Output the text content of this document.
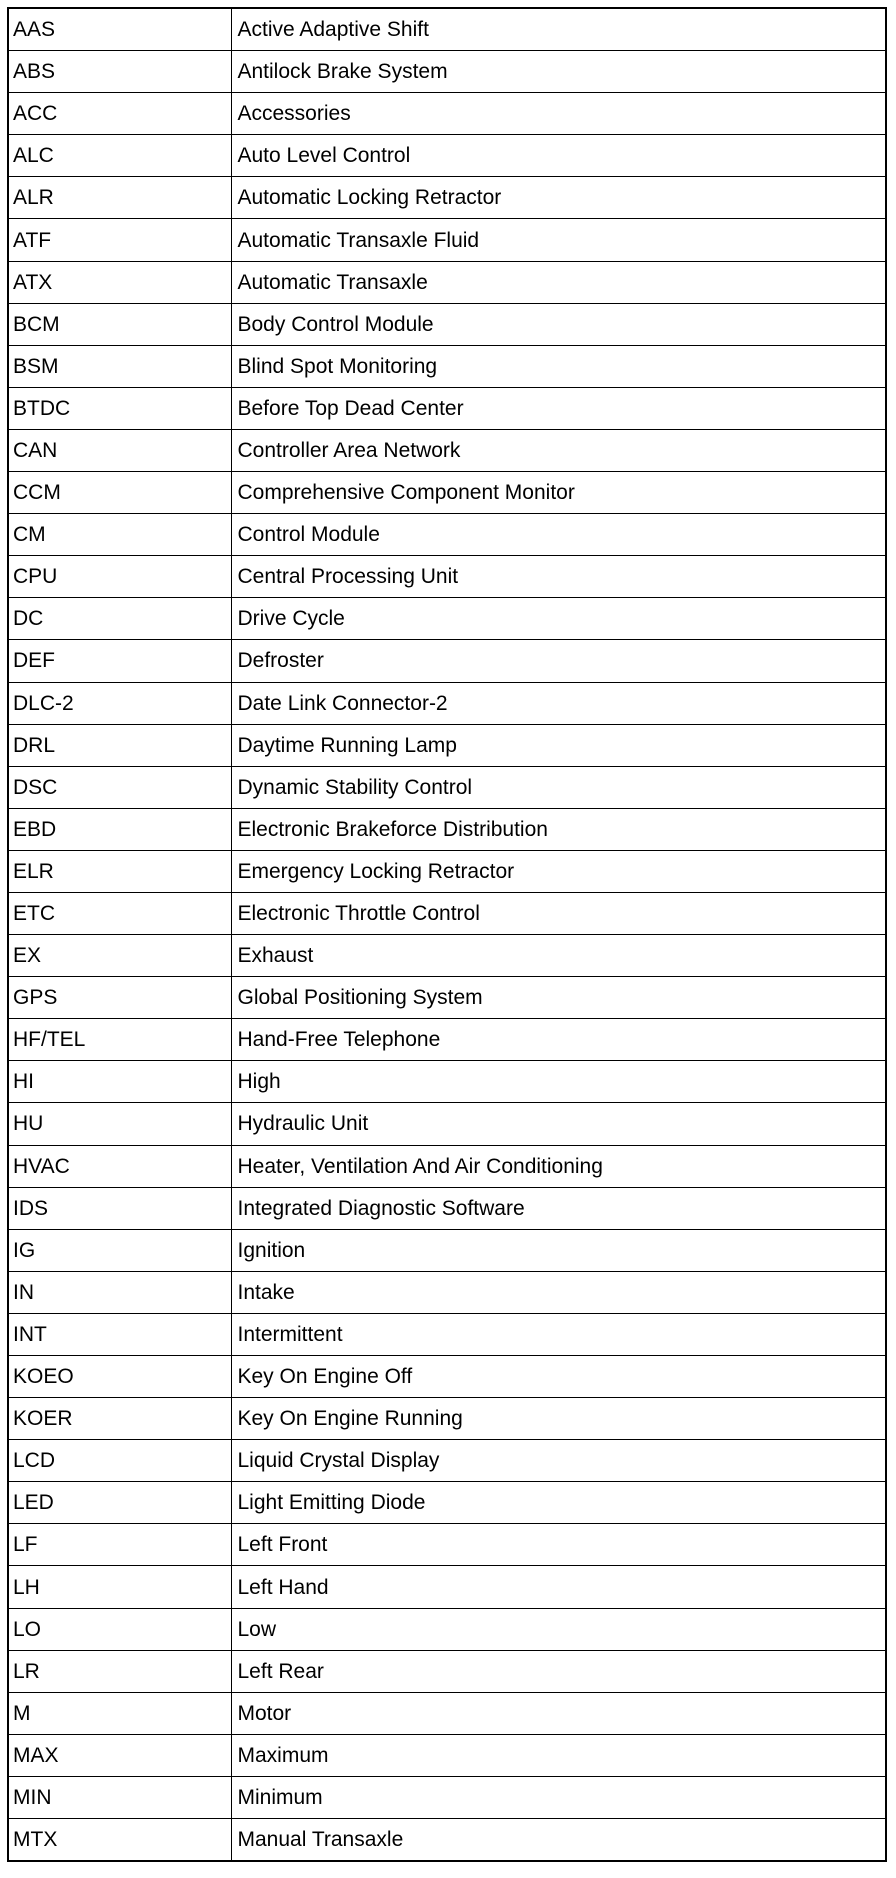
AAS	Active Adaptive Shift
ABS	Antilock Brake System
ACC	Accessories
ALC	Auto Level Control
ALR	Automatic Locking Retractor
ATF	Automatic Transaxle Fluid
ATX	Automatic Transaxle
BCM	Body Control Module
BSM	Blind Spot Monitoring
BTDC	Before Top Dead Center
CAN	Controller Area Network
CCM	Comprehensive Component Monitor
CM	Control Module
CPU	Central Processing Unit
DC	Drive Cycle
DEF	Defroster
DLC-2	Date Link Connector-2
DRL	Daytime Running Lamp
DSC	Dynamic Stability Control
EBD	Electronic Brakeforce Distribution
ELR	Emergency Locking Retractor
ETC	Electronic Throttle Control
EX	Exhaust
GPS	Global Positioning System
HF/TEL	Hand-Free Telephone
HI	High
HU	Hydraulic Unit
HVAC	Heater, Ventilation And Air Conditioning
IDS	Integrated Diagnostic Software
IG	Ignition
IN	Intake
INT	Intermittent
KOEO	Key On Engine Off
KOER	Key On Engine Running
LCD	Liquid Crystal Display
LED	Light Emitting Diode
LF	Left Front
LH	Left Hand
LO	Low
LR	Left Rear
M	Motor
MAX	Maximum
MIN	Minimum
MTX	Manual Transaxle
